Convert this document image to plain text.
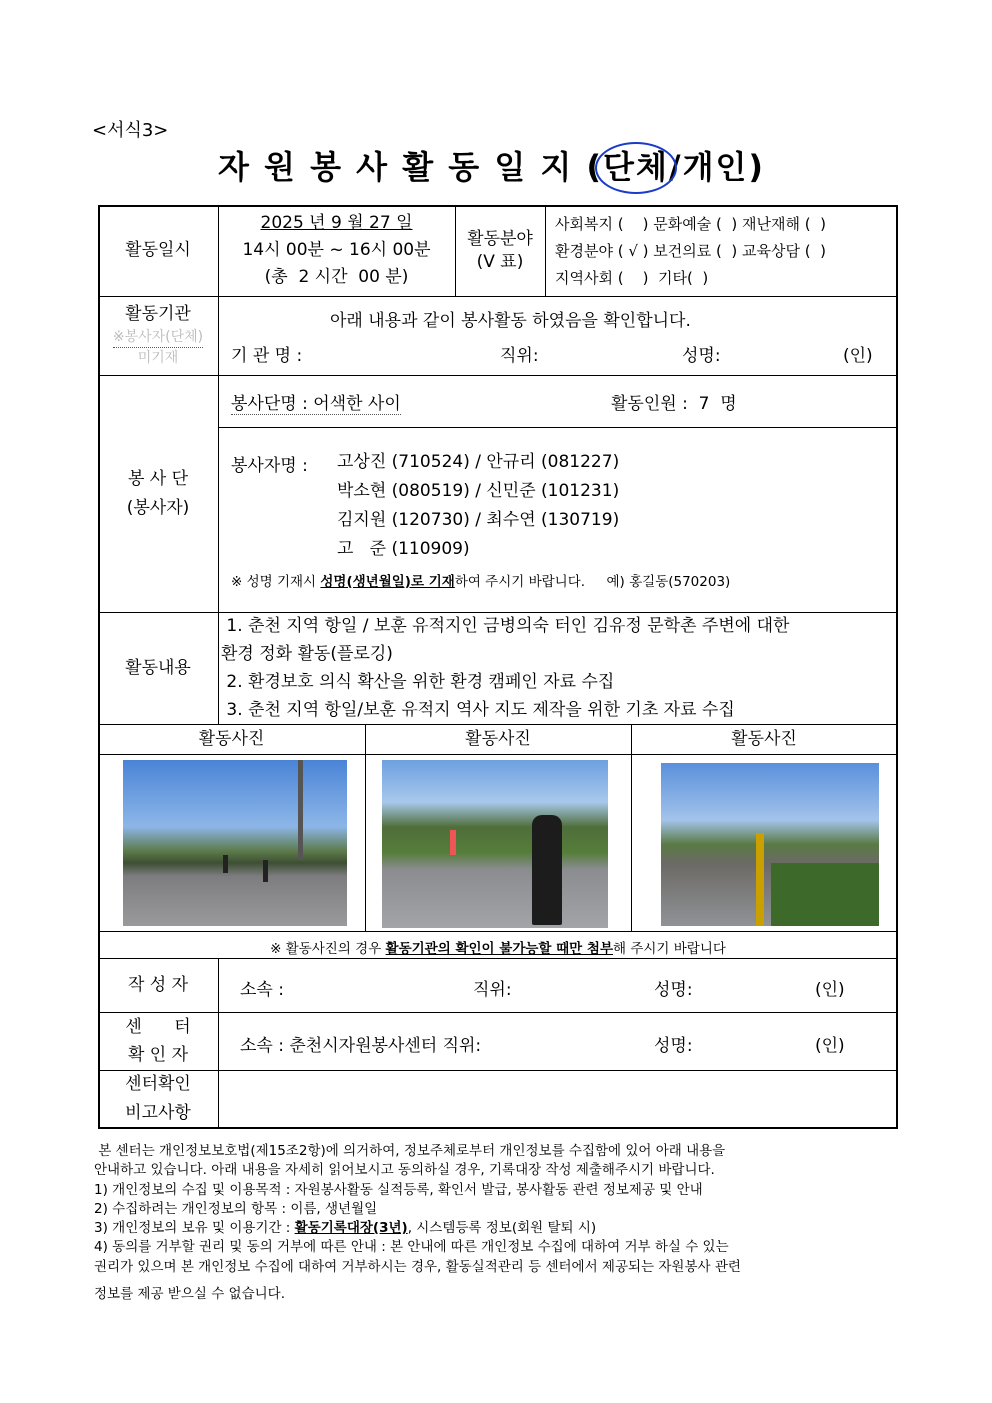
<서식3>
자 원 봉 사 활 동 일 지 (단체
/개인)
활동일시
2025 년 9 월 27 일
14시 00분 ~ 16시 00분
(총  2 시간  00 분)
활동분야
(V 표)
사회복지 (    ) 문화예술 (  ) 재난재해 (  )
환경분야 ( √ ) 보건의료 (  ) 교육상담 (  )
지역사회 (    )  기타(  )
활동기관
※봉사자(단체)
미기재
아래 내용과 같이 봉사활동 하였음을 확인합니다.
기 관 명 :	직위:	성명:	(인)
봉 사 단
(봉사자)
봉사단명 : 어색한 사이	활동인원 :  7  명
봉사자명 : 고상진 (710524) / 안규리 (081227)
박소현 (080519) / 신민준 (101231)
김지원 (120730) / 최수연 (130719)
고   준 (110909)
※ 성명 기재시 성명(생년월일)로 기재하여 주시기 바랍니다.     예) 홍길동(570203)
활동내용
1. 춘천 지역 항일 / 보훈 유적지인 금병의숙 터인 김유정 문학촌 주변에 대한
환경 정화 활동(플로깅)
2. 환경보호 의식 확산을 위한 환경 캠페인 자료 수집
3. 춘천 지역 항일/보훈 유적지 역사 지도 제작을 위한 기초 자료 수집
활동사진	활동사진	활동사진
※ 활동사진의 경우 활동기관의 확인이 불가능할 때만 첨부해 주시기 바랍니다
작 성 자	소속 :	직위:	성명:	(인)
센      터
확 인 자	소속 : 춘천시자원봉사센터 직위:	성명:	(인)
센터확인
비고사항
본 센터는 개인정보보호법(제15조2항)에 의거하여, 정보주체로부터 개인정보를 수집함에 있어 아래 내용을
안내하고 있습니다. 아래 내용을 자세히 읽어보시고 동의하실 경우, 기록대장 작성 제출해주시기 바랍니다.
1) 개인정보의 수집 및 이용목적 : 자원봉사활동 실적등록, 확인서 발급, 봉사활동 관련 정보제공 및 안내
2) 수집하려는 개인정보의 항목 : 이름, 생년월일
3) 개인정보의 보유 및 이용기간 : 활동기록대장(3년), 시스템등록 정보(회원 탈퇴 시)
4) 동의를 거부할 권리 및 동의 거부에 따른 안내 : 본 안내에 따른 개인정보 수집에 대하여 거부 하실 수 있는
권리가 있으며 본 개인정보 수집에 대하여 거부하시는 경우, 활동실적관리 등 센터에서 제공되는 자원봉사 관련
정보를 제공 받으실 수 없습니다.
